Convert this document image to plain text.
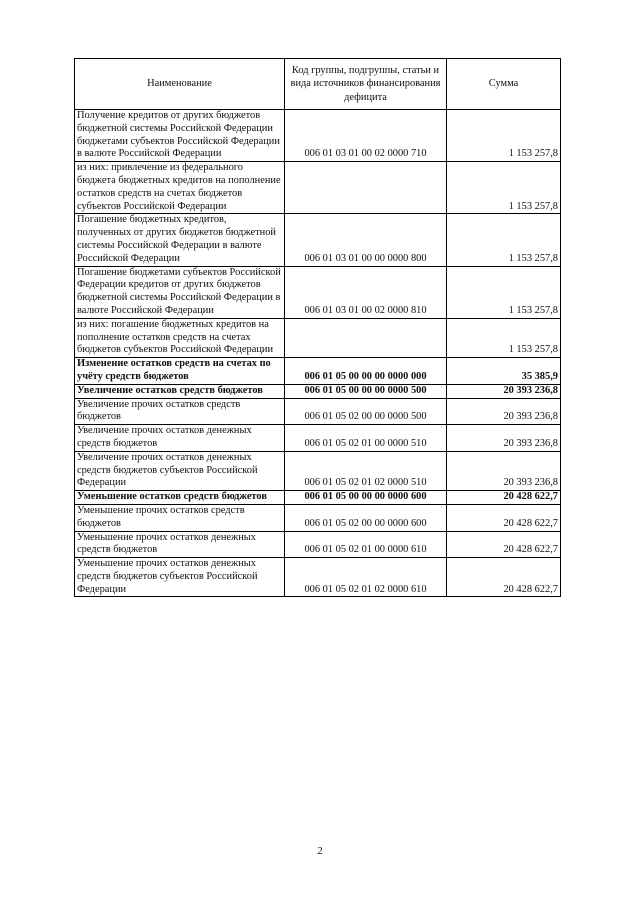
Наименование	Код группы, подгруппы, статьи и вида источников финансирования дефицита	Сумма
Получение кредитов от других бюджетов бюджетной системы Российской Федерации бюджетами субъектов Российской Федерации в валюте Российской Федерации	006 01 03 01 00 02 0000 710	1 153 257,8
из них: привлечение из федерального бюджета бюджетных кредитов на пополнение остатков средств на счетах бюджетов субъектов Российской Федерации		1 153 257,8
Погашение бюджетных кредитов, полученных от других бюджетов бюджетной системы Российской Федерации в валюте Российской Федерации	006 01 03 01 00 00 0000 800	1 153 257,8
Погашение бюджетами субъектов Российской Федерации кредитов от других бюджетов бюджетной системы Российской Федерации в валюте Российской Федерации	006 01 03 01 00 02 0000 810	1 153 257,8
из них: погашение бюджетных кредитов на пополнение остатков средств на счетах бюджетов субъектов Российской Федерации		1 153 257,8
Изменение остатков средств на счетах по учёту средств бюджетов	006 01 05 00 00 00 0000 000	35 385,9
Увеличение остатков средств бюджетов	006 01 05 00 00 00 0000 500	20 393 236,8
Увеличение прочих остатков средств бюджетов	006 01 05 02 00 00 0000 500	20 393 236,8
Увеличение прочих остатков денежных средств бюджетов	006 01 05 02 01 00 0000 510	20 393 236,8
Увеличение прочих остатков денежных средств бюджетов субъектов Российской Федерации	006 01 05 02 01 02 0000 510	20 393 236,8
Уменьшение остатков средств бюджетов	006 01 05 00 00 00 0000 600	20 428 622,7
Уменьшение прочих остатков средств бюджетов	006 01 05 02 00 00 0000 600	20 428 622,7
Уменьшение прочих остатков денежных средств бюджетов	006 01 05 02 01 00 0000 610	20 428 622,7
Уменьшение прочих остатков денежных средств бюджетов субъектов Российской Федерации	006 01 05 02 01 02 0000 610	20 428 622,7
2
